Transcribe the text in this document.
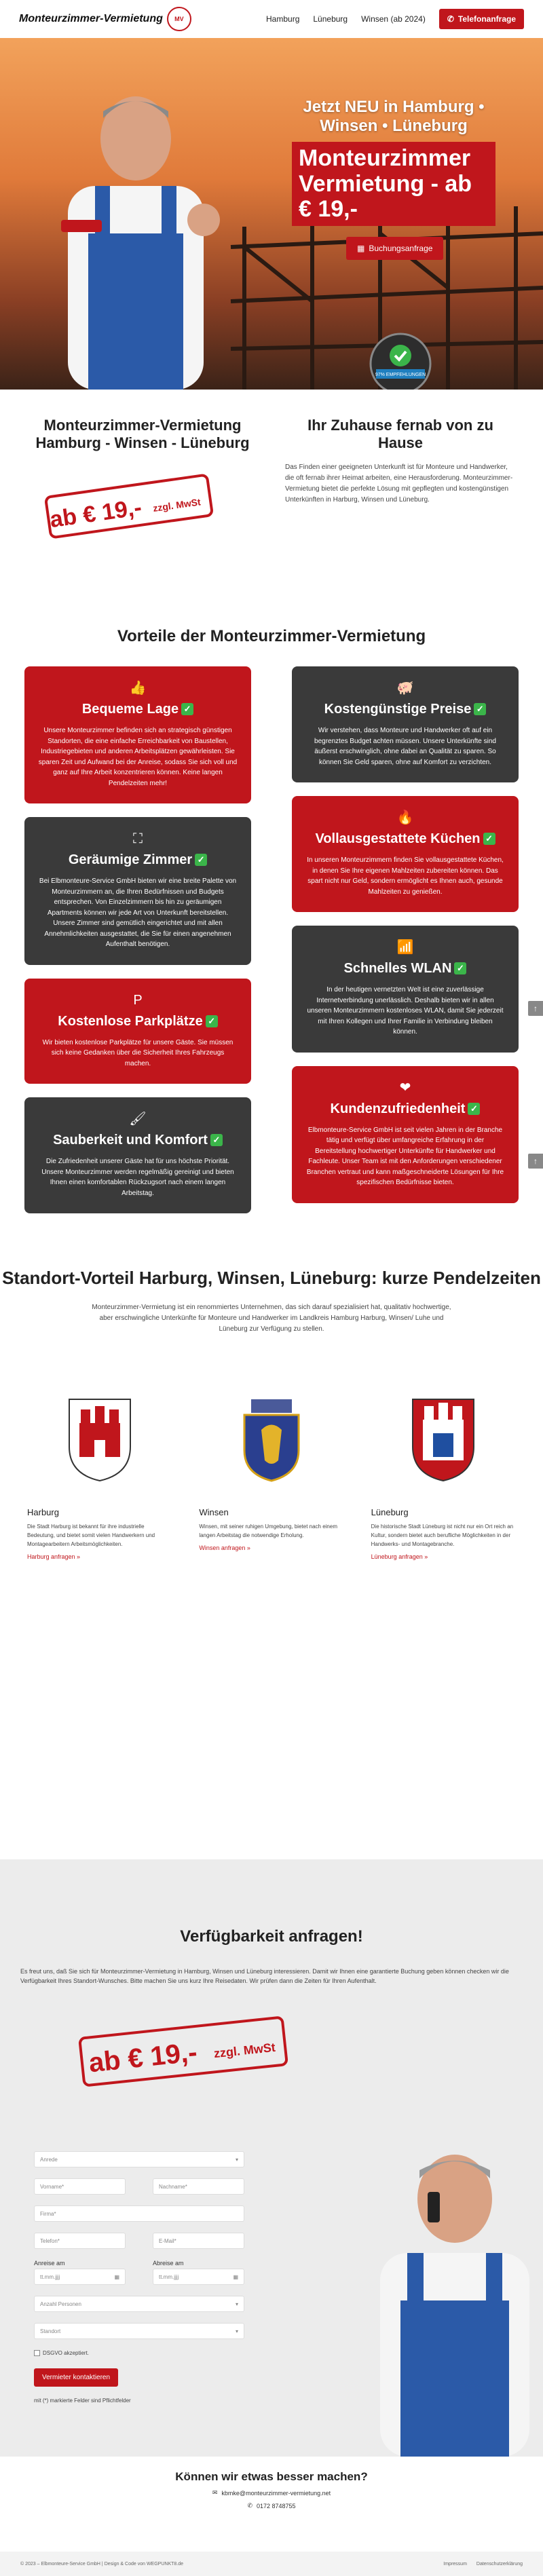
Monteurzimmer-Vermietung	MV	Hamburg Lüneburg Winsen (ab 2024)	✆ Telefonanfrage
Jetzt NEU in Hamburg • Winsen • Lüneburg
Monteurzimmer Vermietung - ab € 19,-
▦ Buchungsanfrage
97% EMPFEHLUNGEN
Monteurzimmer-Vermietung Hamburg - Winsen - Lüneburg
ab € 19,- zzgl. MwSt
Ihr Zuhause fernab von zu Hause

Das Finden einer geeigneten Unterkunft ist für Monteure und Handwerker, die oft fernab ihrer Heimat arbeiten, eine Herausforderung. Monteurzimmer-Vermietung bietet die perfekte Lösung mit gepflegten und kostengünstigen Unterkünften in Harburg, Winsen und Lüneburg.

Vorteile der Monteurzimmer-Vermietung
👍
Bequeme Lage ✓

Unsere Monteurzimmer befinden sich an strategisch günstigen Standorten, die eine einfache Erreichbarkeit von Baustellen, Industriegebieten und anderen Arbeitsplätzen gewährleisten. Sie sparen Zeit und Aufwand bei der Anreise, sodass Sie sich voll und ganz auf Ihre Arbeit konzentrieren können. Keine langen Pendelzeiten mehr!

⛶
Geräumige Zimmer ✓

Bei Elbmonteure-Service GmbH bieten wir eine breite Palette von Monteurzimmern an, die Ihren Bedürfnissen und Budgets entsprechen. Von Einzelzimmern bis hin zu geräumigen Apartments können wir jede Art von Unterkunft bereitstellen. Unsere Zimmer sind gemütlich eingerichtet und mit allen Annehmlichkeiten ausgestattet, die Sie für einen angenehmen Aufenthalt benötigen.

P
Kostenlose Parkplätze ✓

Wir bieten kostenlose Parkplätze für unsere Gäste. Sie müssen sich keine Gedanken über die Sicherheit Ihres Fahrzeugs machen.

🖌
Sauberkeit und Komfort ✓

Die Zufriedenheit unserer Gäste hat für uns höchste Priorität. Unsere Monteurzimmer werden regelmäßig gereinigt und bieten Ihnen einen komfortablen Rückzugsort nach einem langen Arbeitstag.

🐖
Kostengünstige Preise ✓

Wir verstehen, dass Monteure und Handwerker oft auf ein begrenztes Budget achten müssen. Unsere Unterkünfte sind äußerst erschwinglich, ohne dabei an Qualität zu sparen. So können Sie Geld sparen, ohne auf Komfort zu verzichten.

🔥
Vollausgestattete Küchen ✓

In unseren Monteurzimmern finden Sie vollausgestattete Küchen, in denen Sie Ihre eigenen Mahlzeiten zubereiten können. Das spart nicht nur Geld, sondern ermöglicht es Ihnen auch, gesunde Mahlzeiten zu genießen.

📶
Schnelles WLAN ✓

In der heutigen vernetzten Welt ist eine zuverlässige Internetverbindung unerlässlich. Deshalb bieten wir in allen unseren Monteurzimmern kostenloses WLAN, damit Sie jederzeit mit Ihren Kollegen und Ihrer Familie in Verbindung bleiben können.

❤
Kundenzufriedenheit ✓

Elbmonteure-Service GmbH ist seit vielen Jahren in der Branche tätig und verfügt über umfangreiche Erfahrung in der Bereitstellung hochwertiger Unterkünfte für Handwerker und Fachleute. Unser Team ist mit den Anforderungen verschiedener Branchen vertraut und kann maßgeschneiderte Lösungen für Ihre spezifischen Bedürfnisse bieten.

↑
↑
Standort-Vorteil Harburg, Winsen, Lüneburg: kurze Pendelzeiten

Monteurzimmer-Vermietung ist ein renommiertes Unternehmen, das sich darauf spezialisiert hat, qualitativ hochwertige, aber erschwingliche Unterkünfte für Monteure und Handwerker im Landkreis Hamburg Harburg, Winsen/ Luhe und Lüneburg zur Verfügung zu stellen.

Harburg

Die Stadt Harburg ist bekannt für ihre industrielle Bedeutung, und bietet somit vielen Handwerkern und Montagearbeitern Arbeitsmöglichkeiten.

Harburg anfragen »
Winsen

Winsen, mit seiner ruhigen Umgebung, bietet nach einem langen Arbeitstag die notwendige Erholung.

Winsen anfragen »
Lüneburg

Die historische Stadt Lüneburg ist nicht nur ein Ort reich an Kultur, sondern bietet auch berufliche Möglichkeiten in der Handwerks- und Montagebranche.

Lüneburg anfragen »
Verfügbarkeit anfragen!

Es freut uns, daß Sie sich für Monteurzimmer-Vermietung in Hamburg, Winsen und Lüneburg interessieren. Damit wir Ihnen eine garantierte Buchung geben können checken wir die Verfügbarkeit Ihres Standort-Wunsches. Bitte machen Sie uns kurz Ihre Reisedaten. Wir prüfen dann die Zeiten für Ihren Aufenthalt.

ab € 19,- zzgl. MwSt
Anrede	▾
Vorname*	Nachname*
Firma*
Telefon*	E-Mail*
Anreise am
tt.mm.jjjj	▦
Abreise am
tt.mm.jjjj	▦
Anzahl Personen	▾
Standort	▾
DSGVO akzeptiert.
Vermieter kontaktieren
mit (*) markierte Felder sind Pflichtfelder
Können wir etwas besser machen?
✉ kbmke@monteurzimmer-vermietung.net
✆ 0172 8748755
© 2023 – Elbmonteure-Service GmbH | Design & Code von WEGPUNKT8.de	Impressum Datenschutzerklärung
